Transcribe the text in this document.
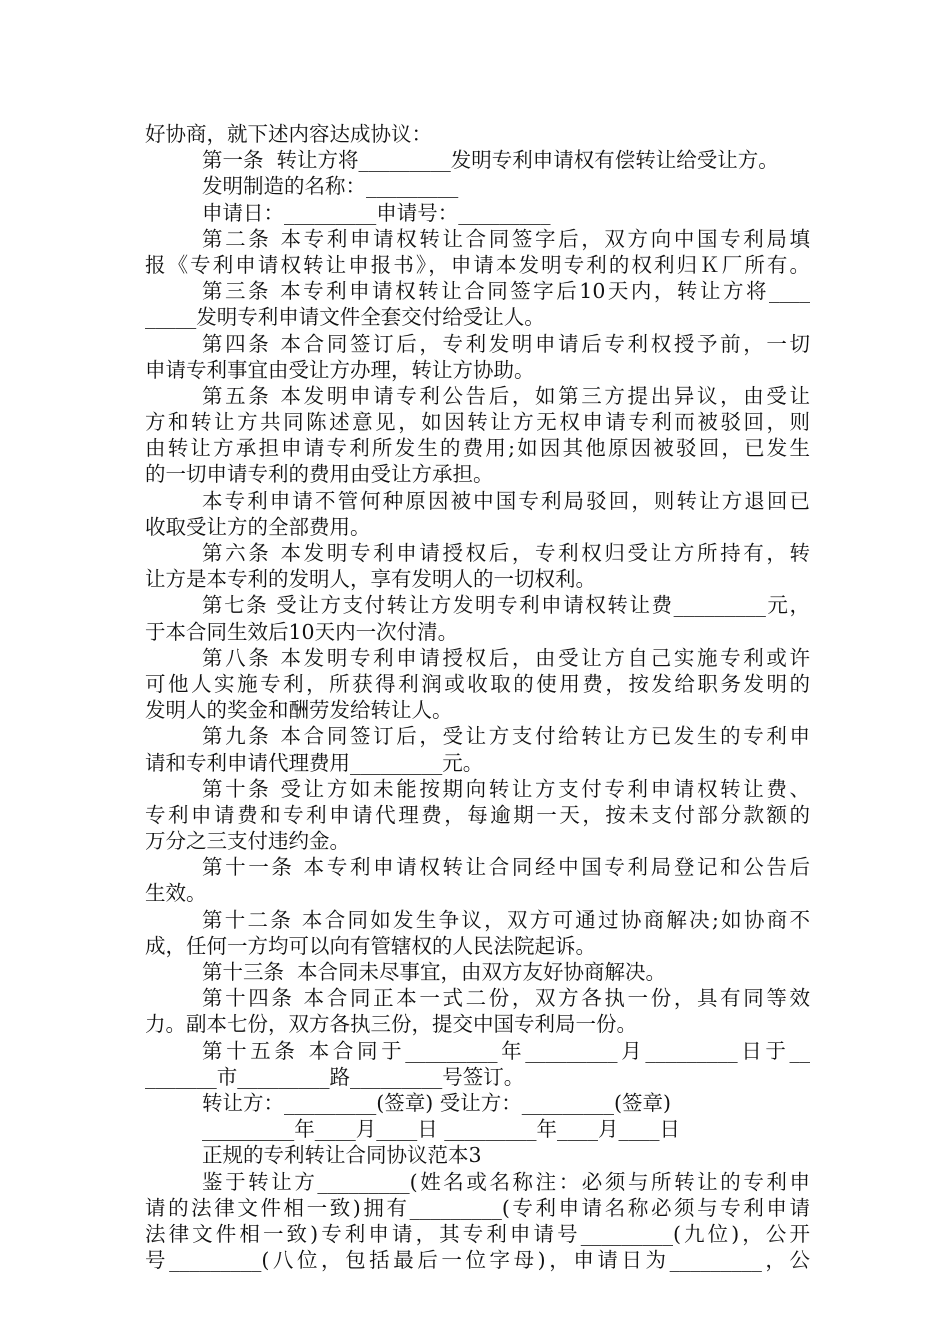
好协商，就下述内容达成协议：
第一条  转让方将_________发明专利申请权有偿转让给受让方。
发明制造的名称：_________
申请日：_________申请号：_________
第二条 本专利申请权转让合同签字后，双方向中国专利局填
报《专利申请权转让申报书》，申请本发明专利的权利归Ｋ厂所有。
第三条 本专利申请权转让合同签字后10天内，转让方将____
_____发明专利申请文件全套交付给受让人。
第四条 本合同签订后，专利发明申请后专利权授予前，一切
申请专利事宜由受让方办理，转让方协助。
第五条 本发明申请专利公告后，如第三方提出异议，由受让
方和转让方共同陈述意见，如因转让方无权申请专利而被驳回，则
由转让方承担申请专利所发生的费用;如因其他原因被驳回，已发生
的一切申请专利的费用由受让方承担。
本专利申请不管何种原因被中国专利局驳回，则转让方退回已
收取受让方的全部费用。
第六条 本发明专利申请授权后，专利权归受让方所持有，转
让方是本专利的发明人，享有发明人的一切权利。
第七条 受让方支付转让方发明专利申请权转让费_________元，
于本合同生效后10天内一次付清。
第八条 本发明专利申请授权后，由受让方自己实施专利或许
可他人实施专利，所获得利润或收取的使用费，按发给职务发明的
发明人的奖金和酬劳发给转让人。
第九条 本合同签订后，受让方支付给转让方已发生的专利申
请和专利申请代理费用_________元。
第十条 受让方如未能按期向转让方支付专利申请权转让费、
专利申请费和专利申请代理费，每逾期一天，按未支付部分款额的
万分之三支付违约金。
第十一条 本专利申请权转让合同经中国专利局登记和公告后
生效。
第十二条 本合同如发生争议，双方可通过协商解决;如协商不
成，任何一方均可以向有管辖权的人民法院起诉。
第十三条  本合同未尽事宜，由双方友好协商解决。
第十四条 本合同正本一式二份，双方各执一份，具有同等效
力。副本七份，双方各执三份，提交中国专利局一份。
第十五条 本合同于_________年_________月_________日于__
_______市_________路_________号签订。
转让方：_________(签章) 受让方：_________(签章)
_________年____月____日 _________年____月____日
正规的专利转让合同协议范本3
鉴于转让方_________(姓名或名称注：必须与所转让的专利申
请的法律文件相一致)拥有_________(专利申请名称必须与专利申请
法律文件相一致)专利申请，其专利申请号_________(九位)，公开
号_________(八位，包括最后一位字母)，申请日为_________，公
